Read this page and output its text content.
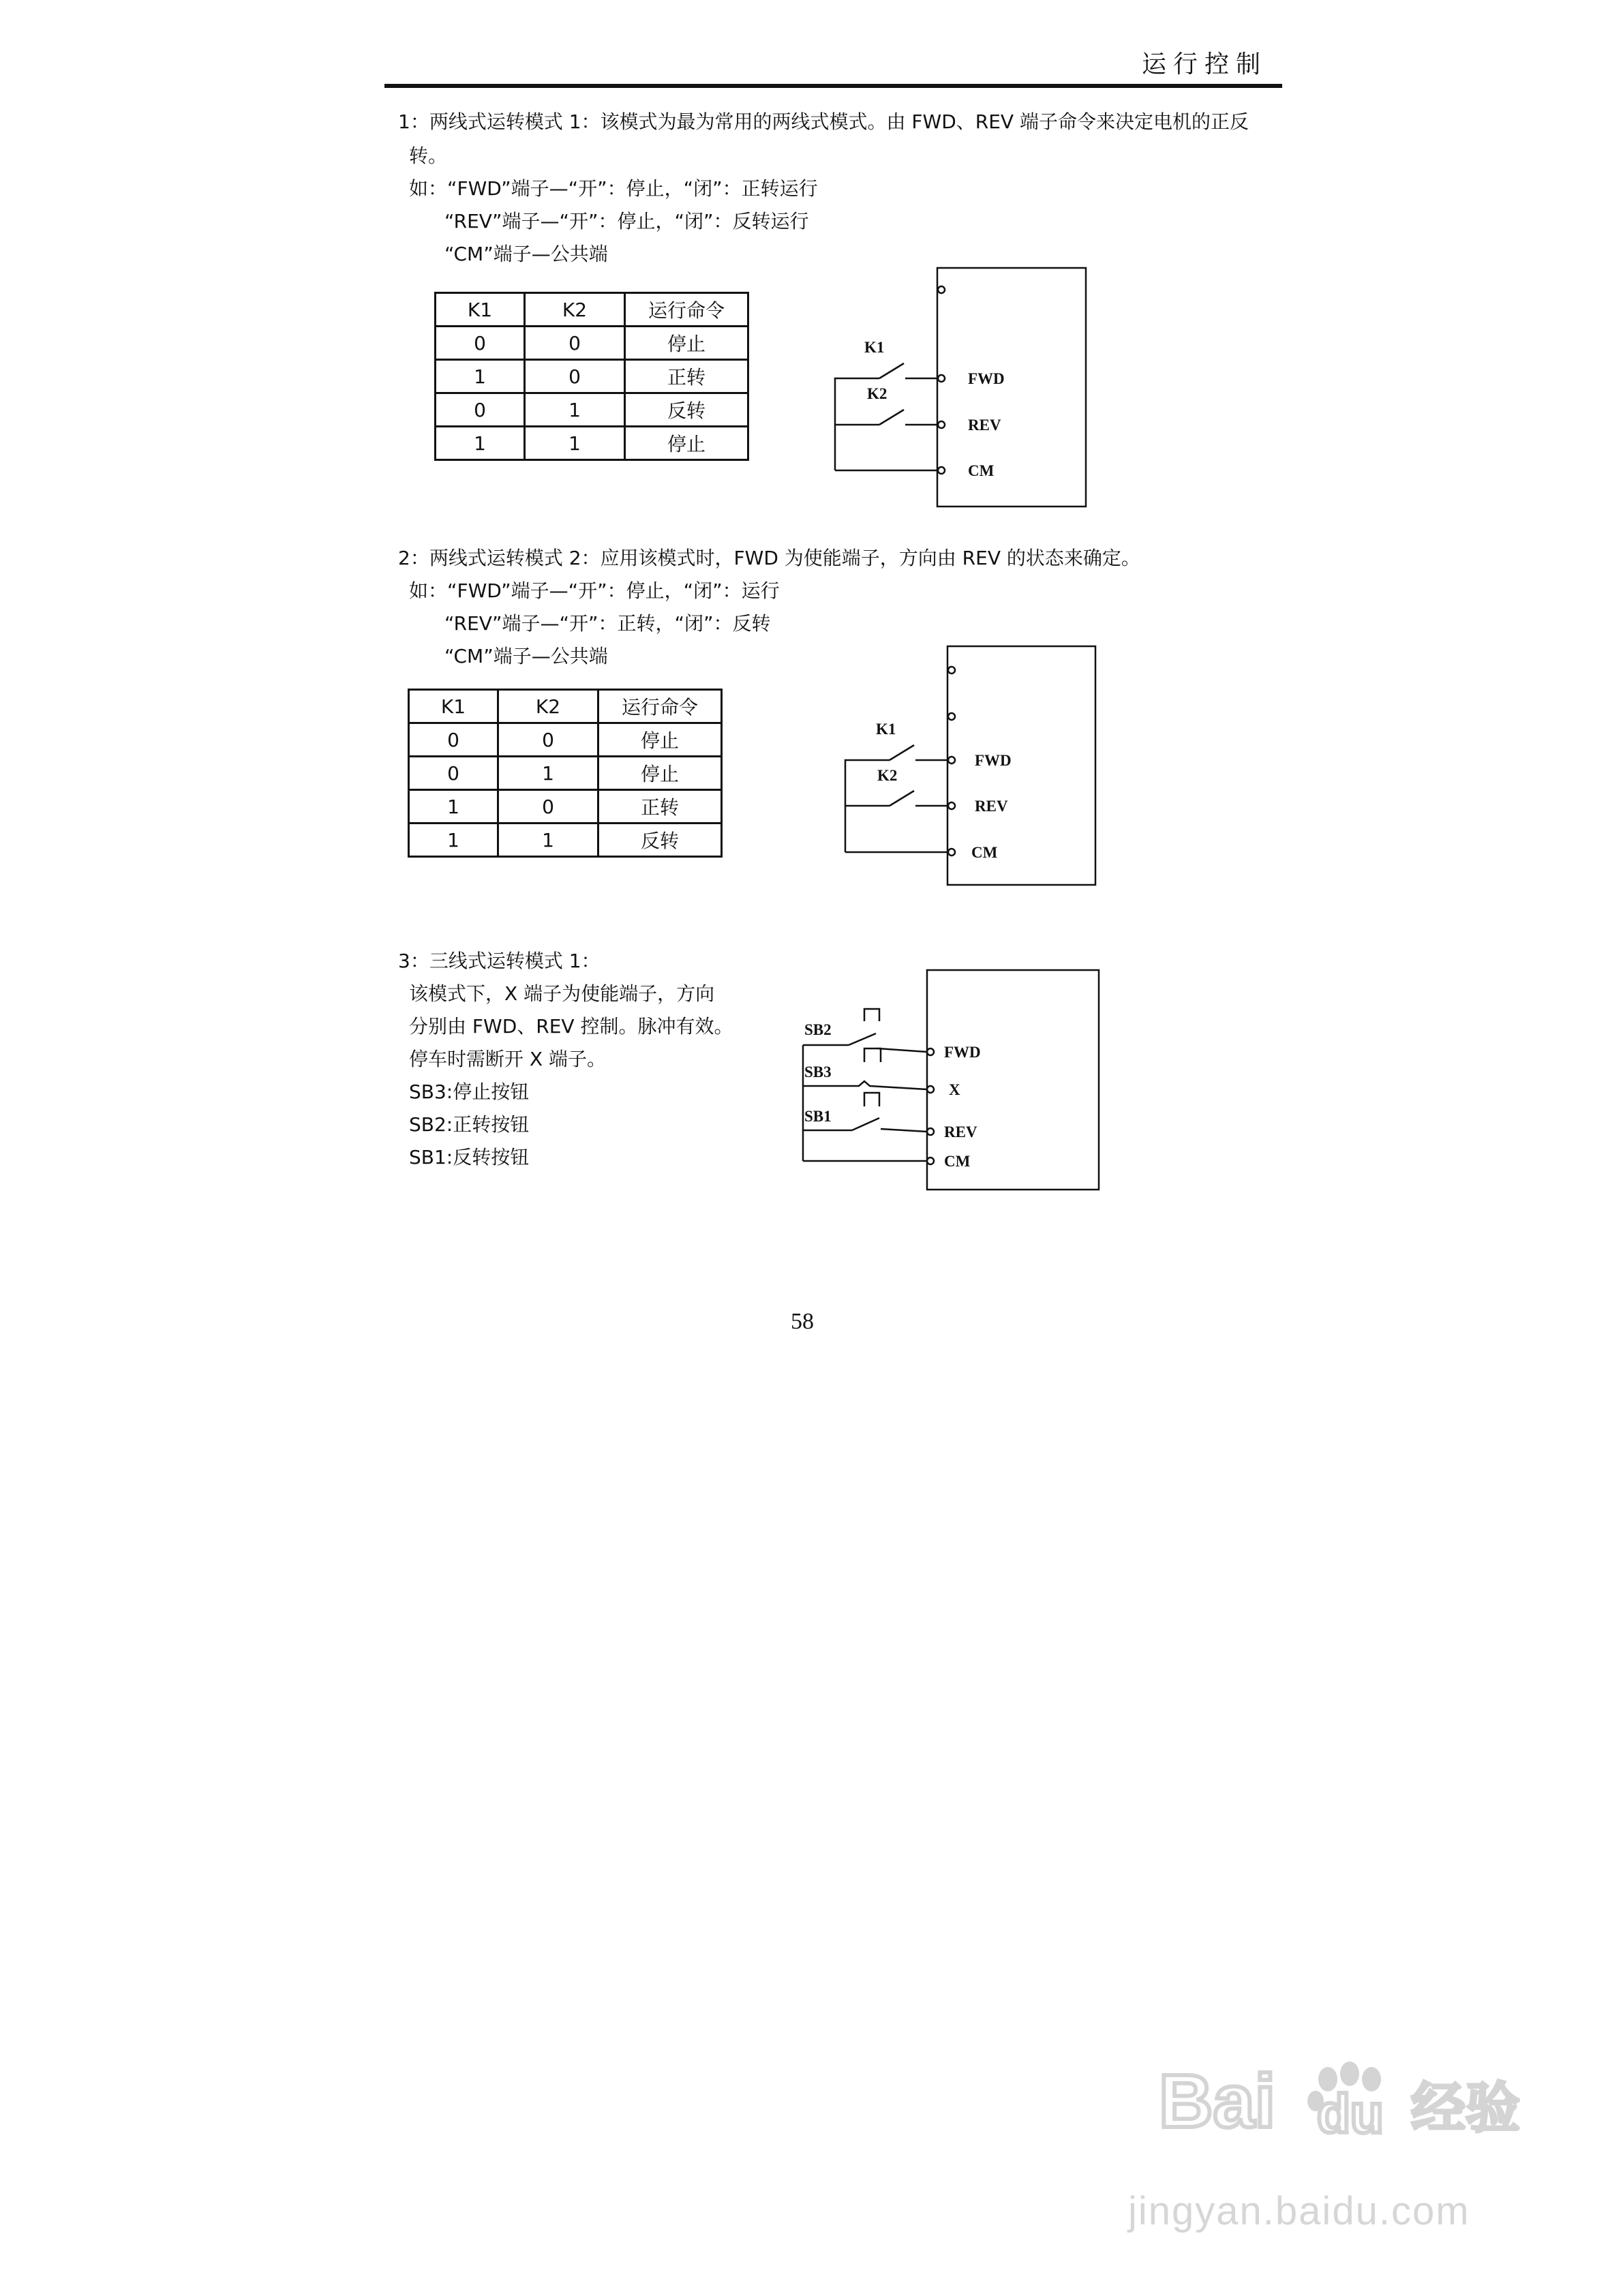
运行控制
1：两线式运转模式 1：该模式为最为常用的两线式模式。由 FWD、REV 端子命令来决定电机的正反
转。
如：“FWD”端子—“开”：停止，“闭”：正转运行
“REV”端子—“开”：停止，“闭”：反转运行
“CM”端子—公共端
K1	K2	运行命令
0	0	停止
1	0	正转
0	1	反转
1	1	停止
K1
K2
FWD
REV
CM
2：两线式运转模式 2：应用该模式时，FWD 为使能端子，方向由 REV 的状态来确定。
如：“FWD”端子—“开”：停止，“闭”：运行
“REV”端子—“开”：正转，“闭”：反转
“CM”端子—公共端
K1	K2	运行命令
0	0	停止
0	1	停止
1	0	正转
1	1	反转
K1
K2
FWD
REV
CM
3：三线式运转模式 1：
该模式下，X 端子为使能端子，方向
分别由 FWD、REV 控制。脉冲有效。
停车时需断开 X 端子。
SB3:停止按钮
SB2:正转按钮
SB1:反转按钮
SB2
SB3
SB1
FWD
X
REV
CM
58
Bai du 经验
jingyan.baidu.com
